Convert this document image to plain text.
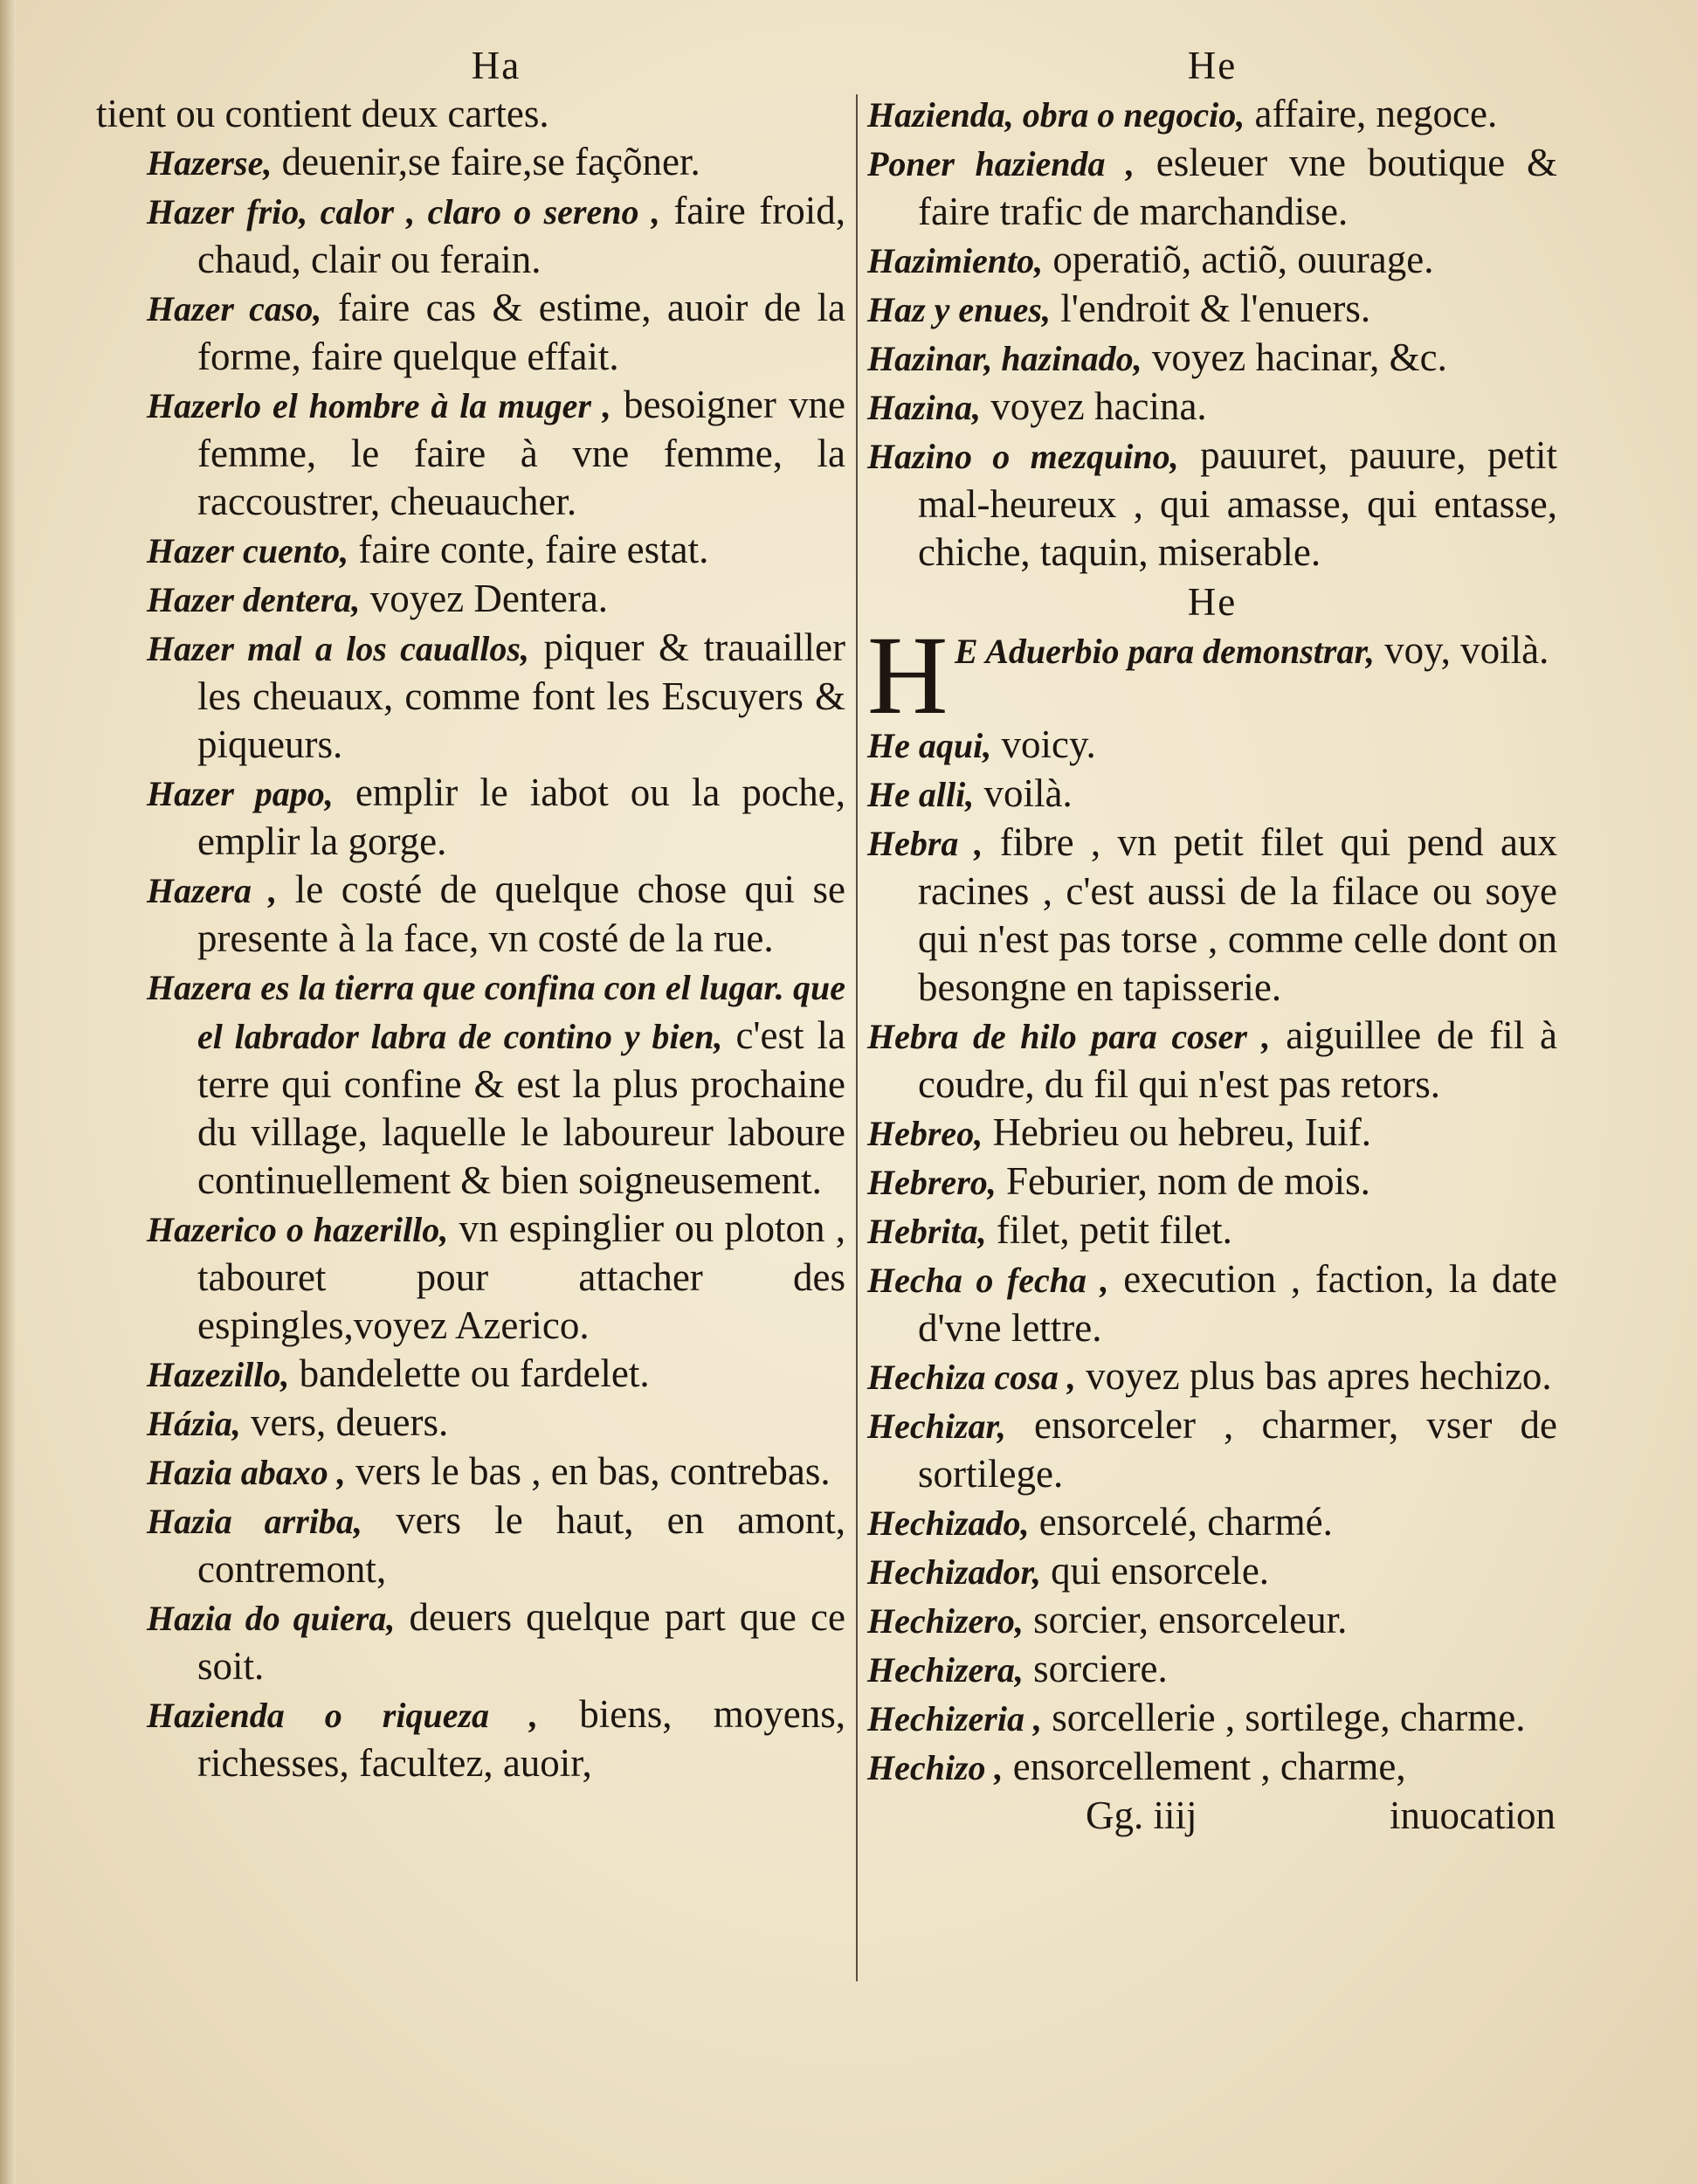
Ha
tient ou contient deux cartes.
Hazerse, deuenir,se faire,se façõner.
Hazer frio, calor , claro o sereno , faire froid, chaud, clair ou ferain.
Hazer caso, faire cas & estime, auoir de la forme, faire quelque effait.
Hazerlo el hombre à la muger , besoigner vne femme, le faire à vne femme, la raccoustrer, cheuaucher.
Hazer cuento, faire conte, faire estat.
Hazer dentera, voyez Dentera.
Hazer mal a los cauallos, piquer & trauailler les cheuaux, comme font les Escuyers & piqueurs.
Hazer papo, emplir le iabot ou la poche, emplir la gorge.
Hazera , le costé de quelque chose qui se presente à la face, vn costé de la rue.
Hazera es la tierra que confina con el lugar. que el labrador labra de contino y bien, c'est la terre qui confine & est la plus prochaine du village, laquelle le laboureur laboure continuellement & bien soigneusement.
Hazerico o hazerillo, vn espinglier ou ploton , tabouret pour attacher des espingles,voyez Azerico.
Hazezillo, bandelette ou fardelet.
Házia, vers, deuers.
Hazia abaxo , vers le bas , en bas, contrebas.
Hazia arriba, vers le haut, en amont, contremont,
Hazia do quiera, deuers quelque part que ce soit.
Hazienda o riqueza , biens, moyens, richesses, facultez, auoir,
He
Hazienda, obra o negocio, affaire, negoce.
Poner hazienda , esleuer vne boutique & faire trafic de marchandise.
Hazimiento, operatiõ, actiõ, ouurage.
Haz y enues, l'endroit & l'enuers.
Hazinar, hazinado, voyez hacinar, &c.
Hazina, voyez hacina.
Hazino o mezquino, pauuret, pauure, petit mal-heureux , qui amasse, qui entasse, chiche, taquin, miserable.
He
H E Aduerbio para demonstrar, voy, voilà.
He aqui, voicy.
He alli, voilà.
Hebra , fibre , vn petit filet qui pend aux racines , c'est aussi de la filace ou soye qui n'est pas torse , comme celle dont on besongne en tapisserie.
Hebra de hilo para coser , aiguillee de fil à coudre, du fil qui n'est pas retors.
Hebreo, Hebrieu ou hebreu, Iuif.
Hebrero, Feburier, nom de mois.
Hebrita, filet, petit filet.
Hecha o fecha , execution , faction, la date d'vne lettre.
Hechiza cosa , voyez plus bas apres hechizo.
Hechizar, ensorceler , charmer, vser de sortilege.
Hechizado, ensorcelé, charmé.
Hechizador, qui ensorcele.
Hechizero, sorcier, ensorceleur.
Hechizera, sorciere.
Hechizeria , sorcellerie , sortilege, charme.
Hechizo , ensorcellement , charme,
Gg. iiij	inuocation
